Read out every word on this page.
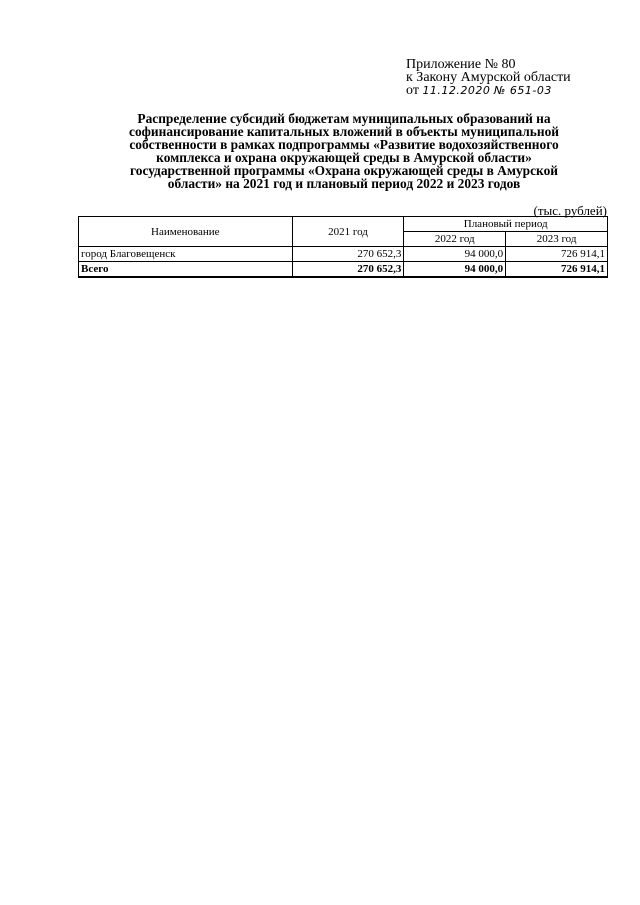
Приложение № 80
к Закону Амурской области
от 11.12.2020 № 651-03
Распределение субсидий бюджетам муниципальных образований на
софинансирование капитальных вложений в объекты муниципальной
собственности в рамках подпрограммы «Развитие водохозяйственного
комплекса и охрана окружающей среды в Амурской области»
государственной программы «Охрана окружающей среды в Амурской
области» на 2021 год и плановый период 2022 и 2023 годов
(тыс. рублей)
Наименование	2021 год	Плановый период	
		2022 год	2023 год
город Благовещенск	270 652,3	94 000,0	726 914,1
Всего	270 652,3	94 000,0	726 914,1
